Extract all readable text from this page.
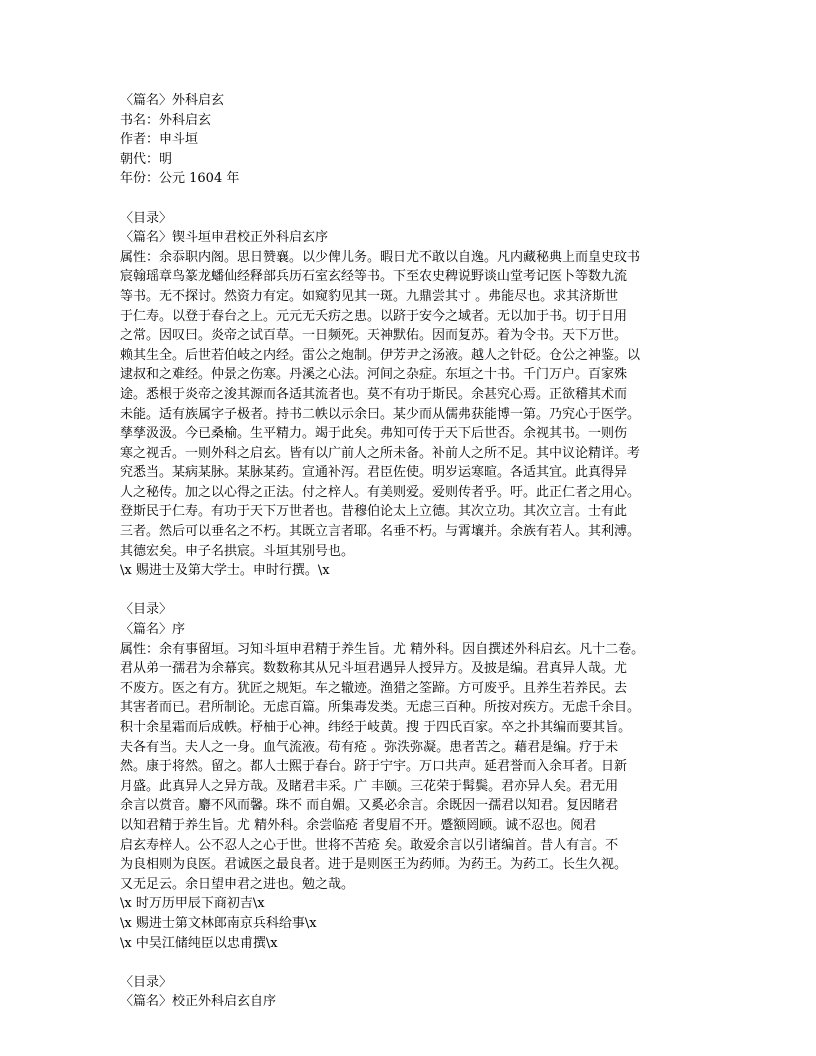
〈篇名〉外科启玄
书名：外科启玄
作者：申斗垣
朝代：明
年份：公元 1604 年
〈目录〉
〈篇名〉锲斗垣申君校正外科启玄序
属性：余忝职内阁。思日赞襄。以少俾儿务。暇日尤不敢以自逸。凡内藏秘典上而皇史玟书
宸翰瑶章鸟篆龙蟠仙经释部兵历石室玄经等书。下至农史稗说野谈山堂考记医卜等数九流
等书。无不探讨。然资力有定。如窥豹见其一斑。九鼎尝其寸 。弗能尽也。求其济斯世
于仁寿。以登于春台之上。元元无夭疠之患。以跻于安今之域者。无以加于书。切于日用
之常。因叹曰。炎帝之试百草。一日频死。天神默佑。因而复苏。着为令书。天下万世。
赖其生全。后世若伯岐之内经。雷公之炮制。伊芳尹之汤液。越人之针砭。仓公之神鉴。以
逮叔和之难经。仲景之伤寒。丹溪之心法。河间之杂症。东垣之十书。千门万户。百家殊
途。悉根于炎帝之浚其源而各适其流者也。莫不有功于斯民。余甚究心焉。正欲稽其术而
未能。适有族属字子极者。持书二帙以示余曰。某少而从儒弗获能博一第。乃究心于医学。
孳孳汲汲。今已桑榆。生平精力。竭于此矣。弗知可传于天下后世否。余视其书。一则伤
寒之视舌。一则外科之启玄。皆有以广前人之所未备。补前人之所不足。其中议论精详。考
究悉当。某病某脉。某脉某药。宣通补泻。君臣佐使。明岁运寒暄。各适其宜。此真得异
人之秘传。加之以心得之正法。付之梓人。有美则爱。爱则传者乎。吁。此正仁者之用心。
登斯民于仁寿。有功于天下万世者也。昔穆伯论太上立德。其次立功。其次立言。士有此
三者。然后可以垂名之不朽。其既立言者耶。名垂不朽。与霄壤并。余族有若人。其利溥。
其德宏矣。申子名拱宸。斗垣其别号也。
\x 赐进士及第大学士。申时行撰。\x
〈目录〉
〈篇名〉序
属性：余有事留垣。习知斗垣申君精于养生旨。尤 精外科。因自撰述外科启玄。凡十二卷。
君从弟一孺君为余幕宾。数数称其从兄斗垣君遇异人授异方。及披是编。君真异人哉。尤
不废方。医之有方。犹匠之规矩。车之辙迹。渔猎之筌蹄。方可废乎。且养生若养民。去
其害者而已。君所制论。无虑百篇。所集毒发类。无虑三百种。所按对疾方。无虑千余目。
积十余星霜而后成帙。杼柚于心神。纬经于岐黄。搜 于四氏百家。卒之扑其编而要其旨。
夫各有当。夫人之一身。血气流液。苟有疮 。弥泆弥凝。患者苦之。藉君是编。疗于未
然。康于将然。留之。都人士熙于春台。跻于宁宇。万口共声。延君誉而入余耳者。日新
月盛。此真异人之异方哉。及睹君丰采。广 丰颐。三花荣于髯鬓。君亦异人矣。君无用
余言以赏音。麝不风而馨。珠不 而自媚。又奚必余言。余既因一孺君以知君。复因睹君
以知君精于养生旨。尤 精外科。余尝临疮 者叟眉不开。蹙额罔顾。诚不忍也。阅君
启玄寿梓人。公不忍人之心于世。世将不苦疮 矣。敢爱余言以引诸编首。昔人有言。不
为良相则为良医。君诚医之最良者。进于是则医王为药师。为药王。为药工。长生久视。
又无足云。余日望申君之进也。勉之哉。
\x 时万历甲辰下商初吉\x
\x 赐进士第文林郎南京兵科给事\x
\x 中吴江储纯臣以忠甫撰\x
〈目录〉
〈篇名〉校正外科启玄自序
